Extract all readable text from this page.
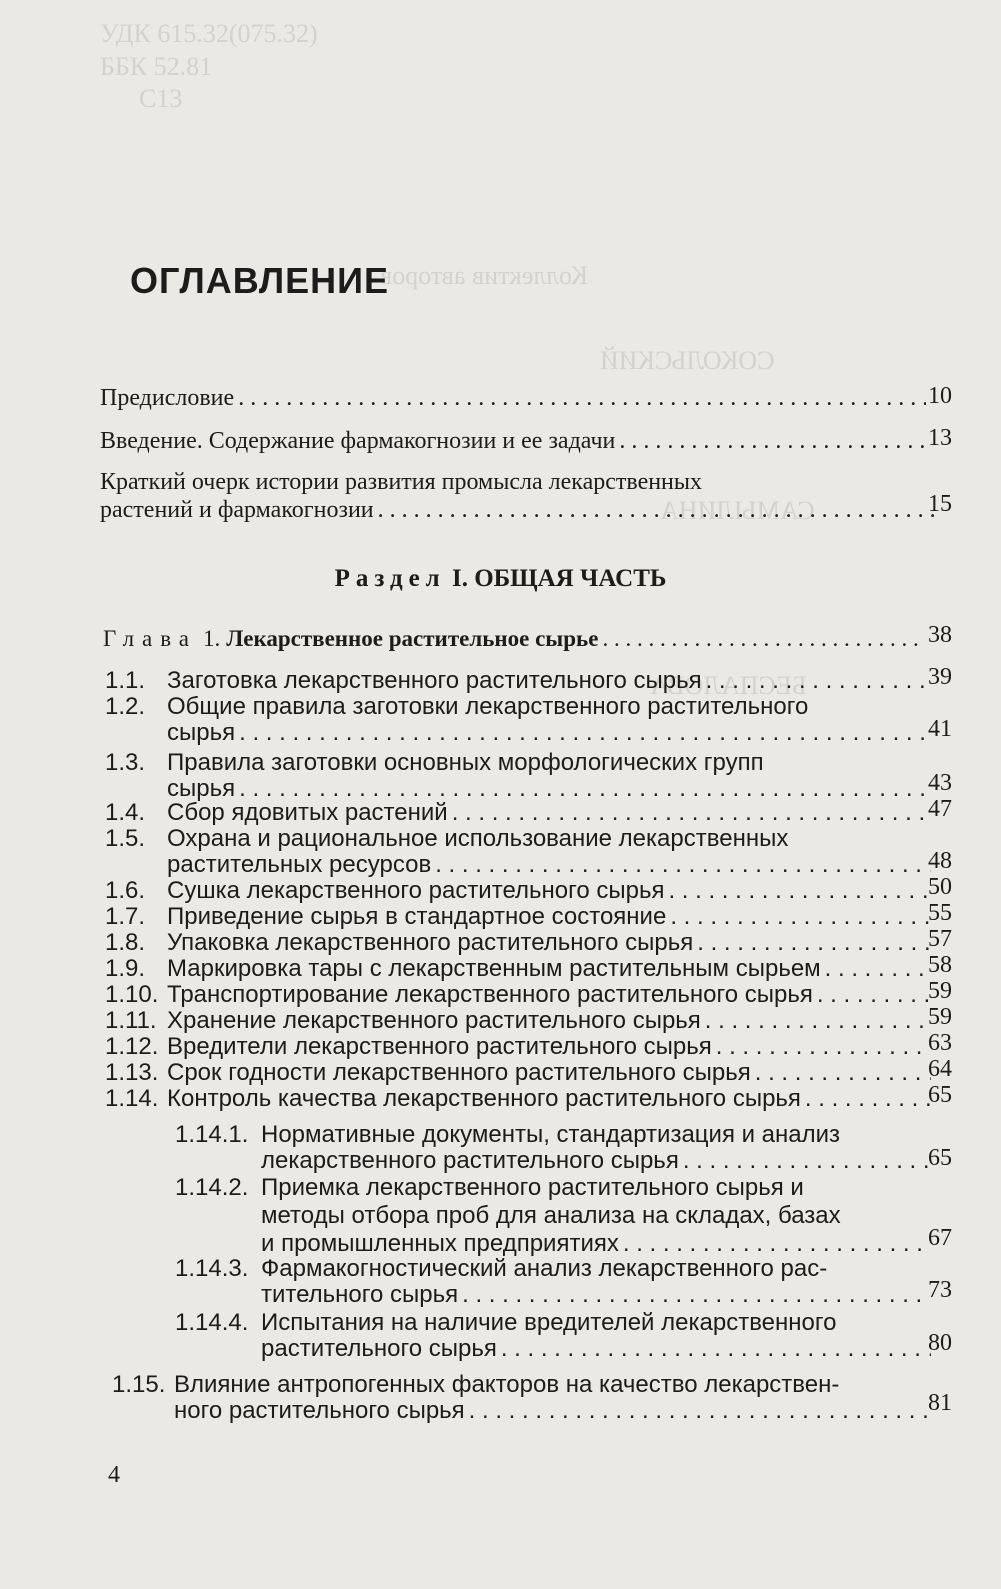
УДК 615.32(075.32)
ББК 52.81
С13
Коллектив авторов
СОКОЛЬСКИЙ
САМЫЛИНА
БЕСПАЛОВА
ОГЛАВЛЕНИЕ
Предисловие . . .	10
Введение. Содержание фармакогнозии и ее задачи . . .	13
Краткий очерк истории развития промысла лекарственных
растений и фармакогнозии . . .	15
Раздел I. ОБЩАЯ ЧАСТЬ
Глава 1. Лекарственное растительное сырье . . .	38
1.1. Заготовка лекарственного растительного сырья . . .	39
1.2. Общие правила заготовки лекарственного растительного
сырья . . .	41
1.3. Правила заготовки основных морфологических групп
сырья . . .	43
1.4. Сбор ядовитых растений . . .	47
1.5. Охрана и рациональное использование лекарственных
растительных ресурсов . . .	48
1.6. Сушка лекарственного растительного сырья . . .	50
1.7. Приведение сырья в стандартное состояние . . .	55
1.8. Упаковка лекарственного растительного сырья . . .	57
1.9. Маркировка тары с лекарственным растительным сырьем . . .	58
1.10. Транспортирование лекарственного растительного сырья . . .	59
1.11. Хранение лекарственного растительного сырья . . .	59
1.12. Вредители лекарственного растительного сырья . . .	63
1.13. Срок годности лекарственного растительного сырья . . .	64
1.14. Контроль качества лекарственного растительного сырья . . .	65
1.14.1. Нормативные документы, стандартизация и анализ
лекарственного растительного сырья . . .	65
1.14.2. Приемка лекарственного растительного сырья и
методы отбора проб для анализа на складах, базах
и промышленных предприятиях . . .	67
1.14.3. Фармакогностический анализ лекарственного рас-
тительного сырья . . .	73
1.14.4. Испытания на наличие вредителей лекарственного
растительного сырья . . .	80
1.15. Влияние антропогенных факторов на качество лекарствен-
ного растительного сырья . . .	81
4
